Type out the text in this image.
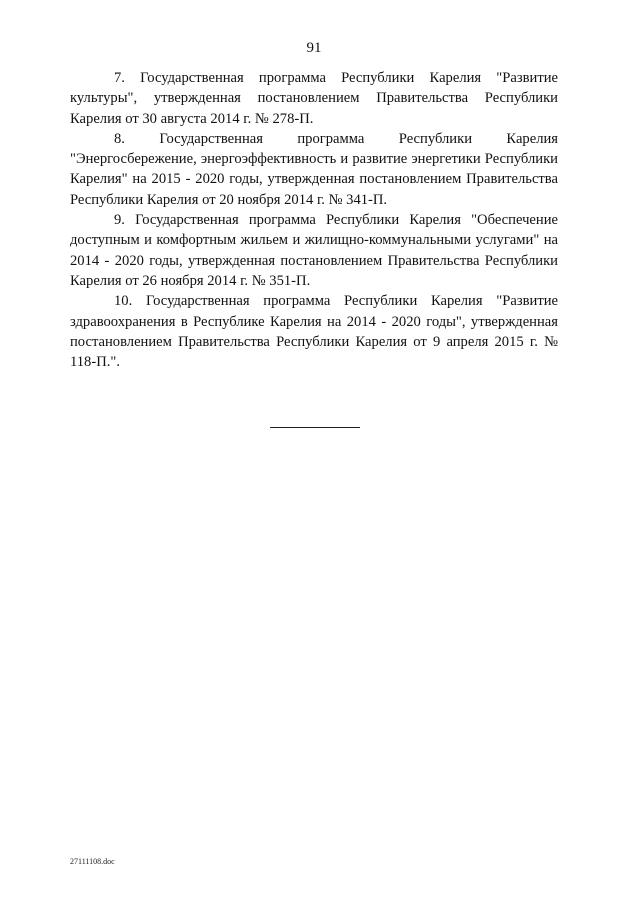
91

7. Государственная программа Республики Карелия "Развитие культуры", утвержденная постановлением Правительства Республики Карелия от 30 августа 2014 г. № 278-П.

8. Государственная программа Республики Карелия "Энергосбережение, энергоэффективность и развитие энергетики Республики Карелия" на 2015 - 2020 годы, утвержденная постановлением Правительства Республики Карелия от 20 ноября 2014 г. № 341-П.

9. Государственная программа Республики Карелия "Обеспечение доступным и комфортным жильем и жилищно-коммунальными услугами" на 2014 - 2020 годы, утвержденная постановлением Правительства Республики Карелия от 26 ноября 2014 г. № 351-П.

10. Государственная программа Республики Карелия "Развитие здравоохранения в Республике Карелия на 2014 - 2020 годы", утвержденная постановлением Правительства Республики Карелия от 9 апреля 2015 г. № 118-П.".

27111108.doc
